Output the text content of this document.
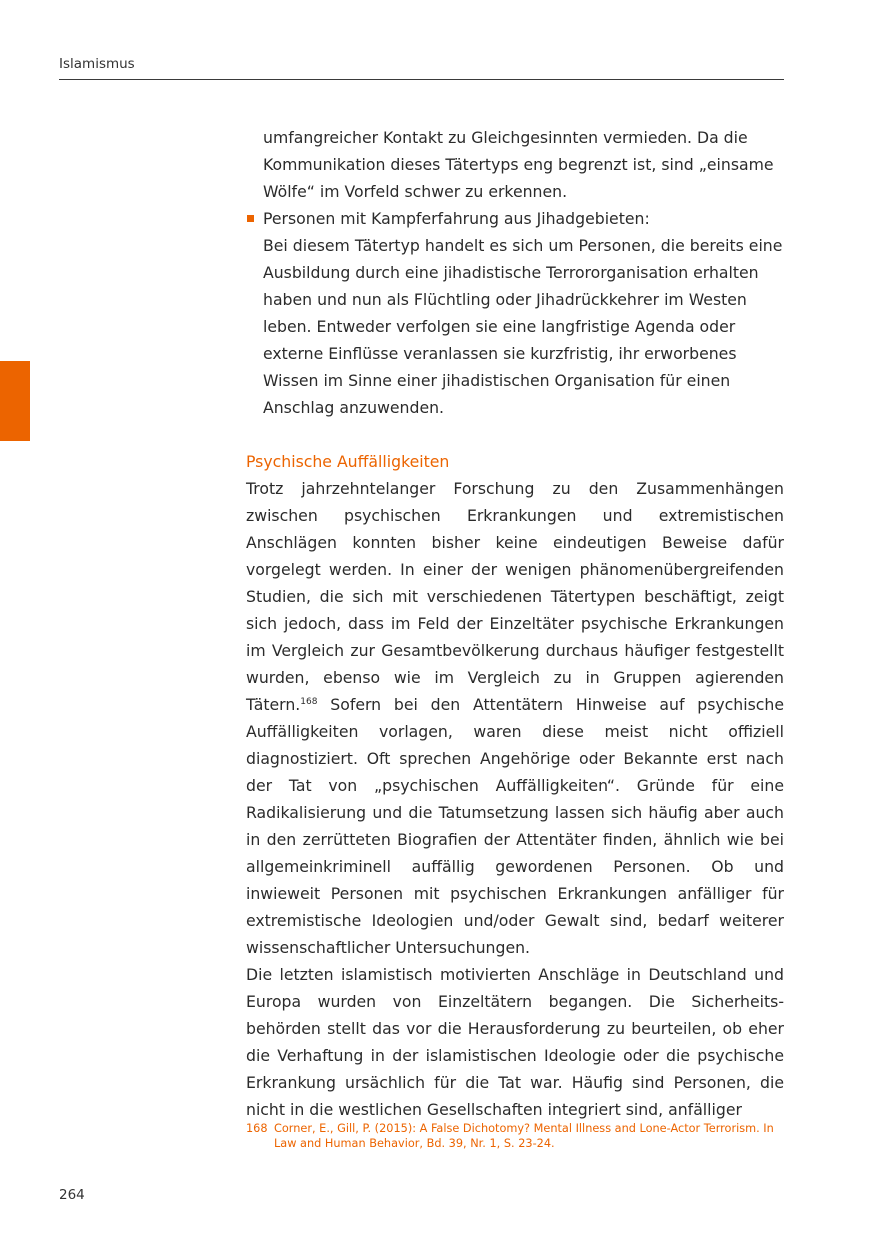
Islamismus

umfangreicher Kontakt zu Gleichgesinnten vermieden. Da die Kommunikation dieses Tätertyps eng begrenzt ist, sind „einsame Wölfe“ im Vorfeld schwer zu erkennen.

Personen mit Kampferfahrung aus Jihadgebieten:
Bei diesem Tätertyp handelt es sich um Personen, die bereits eine Ausbildung durch eine jihadistische Terrororganisation erhalten haben und nun als Flüchtling oder Jihadrückkehrer im Westen leben. Entweder verfolgen sie eine langfristige Agenda oder externe Einflüsse veranlassen sie kurzfristig, ihr erworbenes Wissen im Sinne einer jihadistischen Organisation für einen Anschlag anzuwenden.
Psychische Auffälligkeiten

Trotz jahrzehntelanger Forschung zu den Zusammenhängen zwischen psychischen Erkrankungen und extremistischen Anschlägen konnten bisher keine eindeutigen Beweise dafür vorgelegt werden. In einer der wenigen phänomenübergreifenden Studien, die sich mit verschiedenen Tätertypen beschäftigt, zeigt sich jedoch, dass im Feld der Einzeltäter psychische Erkrankungen im Vergleich zur Gesamtbevölkerung durchaus häufiger festgestellt wurden, ebenso wie im Vergleich zu in Gruppen agierenden Tätern.$^{168}$ Sofern bei den Attentätern Hinweise auf psychische Auffälligkeiten vorlagen, waren diese meist nicht offiziell diagnostiziert. Oft sprechen Angehörige oder Bekannte erst nach der Tat von „psychischen Auffälligkeiten“. Gründe für eine Radikalisierung und die Tatumsetzung lassen sich häufig aber auch in den zerrütteten Biografien der Attentäter finden, ähnlich wie bei allgemeinkriminell auffällig gewordenen Personen. Ob und inwieweit Personen mit psychischen Erkrankungen anfälliger für extremistische Ideologien und/oder Gewalt sind, bedarf weiterer wissenschaftlicher Untersuchungen.

Die letzten islamistisch motivierten Anschläge in Deutschland und Europa wurden von Einzeltätern begangen. Die Sicherheitsbehörden stellt das vor die Herausforderung zu beurteilen, ob eher die Verhaftung in der islamistischen Ideologie oder die psychische Erkrankung ursächlich für die Tat war. Häufig sind Personen, die nicht in die westlichen Gesellschaften integriert sind, anfälliger

168 Corner, E., Gill, P. (2015): A False Dichotomy? Mental Illness and Lone-Actor Terrorism. In Law and Human Behavior, Bd. 39, Nr. 1, S. 23-24.
264
